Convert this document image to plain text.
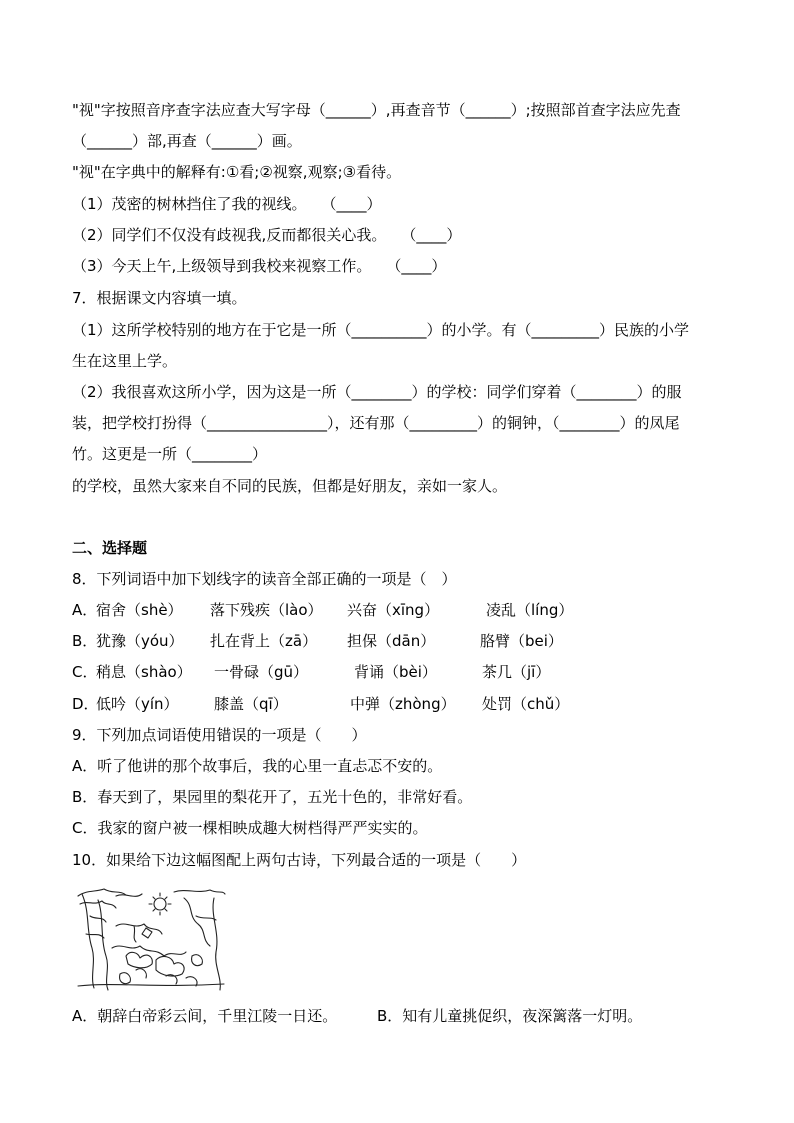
"视"字按照音序查字法应查大写字母（______）,再查音节（______）;按照部首查字法应先查
（______）部,再查（______）画。
"视"在字典中的解释有:①看;②视察,观察;③看待。
（1）茂密的树林挡住了我的视线。　　（____）
（2）同学们不仅没有歧视我,反而都很关心我。　　（____）
（3）今天上午,上级领导到我校来视察工作。　　（____）
7．根据课文内容填一填。
（1）这所学校特别的地方在于它是一所（__________）的小学。有（_________）民族的小学
生在这里上学。
（2）我很喜欢这所小学，因为这是一所（________）的学校：同学们穿着（________）的服
装，把学校打扮得（________________），还有那（_________）的铜钟，（________）的凤尾
竹。这更是一所（________）
的学校，虽然大家来自不同的民族，但都是好朋友，亲如一家人。
二、选择题
8．下列词语中加下划线字的读音全部正确的一项是（　）
A．
宿舍（shè） 落下残疾（lào） 兴奋（xīng）	凌乱（líng）
B．
犹豫（yóu） 扎在背上（zā） 担保（dān）	胳臂（bei）
C．
稍息（shào） 一骨碌（gū）	背诵（bèi）	茶几（jī）
D．
低吟（yín） 膝盖（qī）	中弹（zhòng） 处罚（chǔ）
9．下列加点词语使用错误的一项是（　　）
A．听了他讲的那个故事后，我的心里一直忐忑不安的。
B．春天到了，果园里的梨花开了，五光十色的，非常好看。
C．我家的窗户被一棵相映成趣大树档得严严实实的。
10．如果给下边这幅图配上两句古诗，下列最合适的一项是（　　）
A．朝辞白帝彩云间，千里江陵一日还。	B．知有儿童挑促织，夜深篱落一灯明。
